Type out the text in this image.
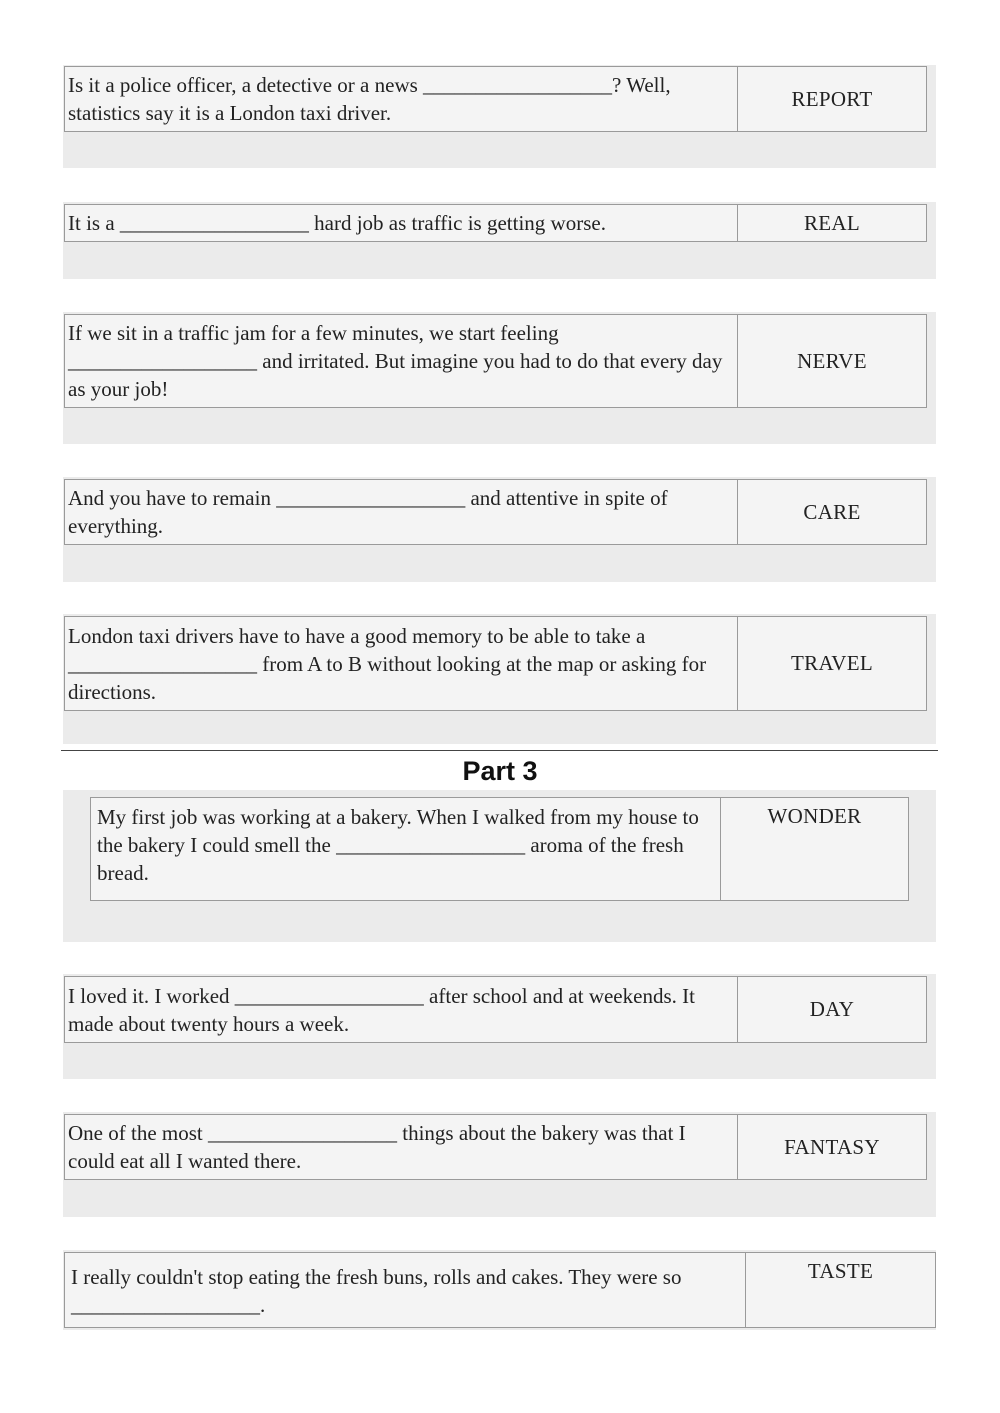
Is it a police officer, a detective or a news __________________? Well, statistics say it is a London taxi driver.
REPORT
It is a __________________ hard job as traffic is getting worse.	REAL
If we sit in a traffic jam for a few minutes, we start feeling __________________ and irritated. But imagine you had to do that every day as your job!
NERVE
And you have to remain __________________ and attentive in spite of everything.
CARE
London taxi drivers have to have a good memory to be able to take a __________________ from A to B without looking at the map or asking for directions.
TRAVEL
Part 3
My first job was working at a bakery. When I walked from my house to the bakery I could smell the __________________ aroma of the fresh bread.
WONDER
I loved it. I worked __________________ after school and at weekends. It made about twenty hours a week.
DAY
One of the most __________________ things about the bakery was that I could eat all I wanted there.
FANTASY
I really couldn't stop eating the fresh buns, rolls and cakes. They were so __________________.
TASTE
